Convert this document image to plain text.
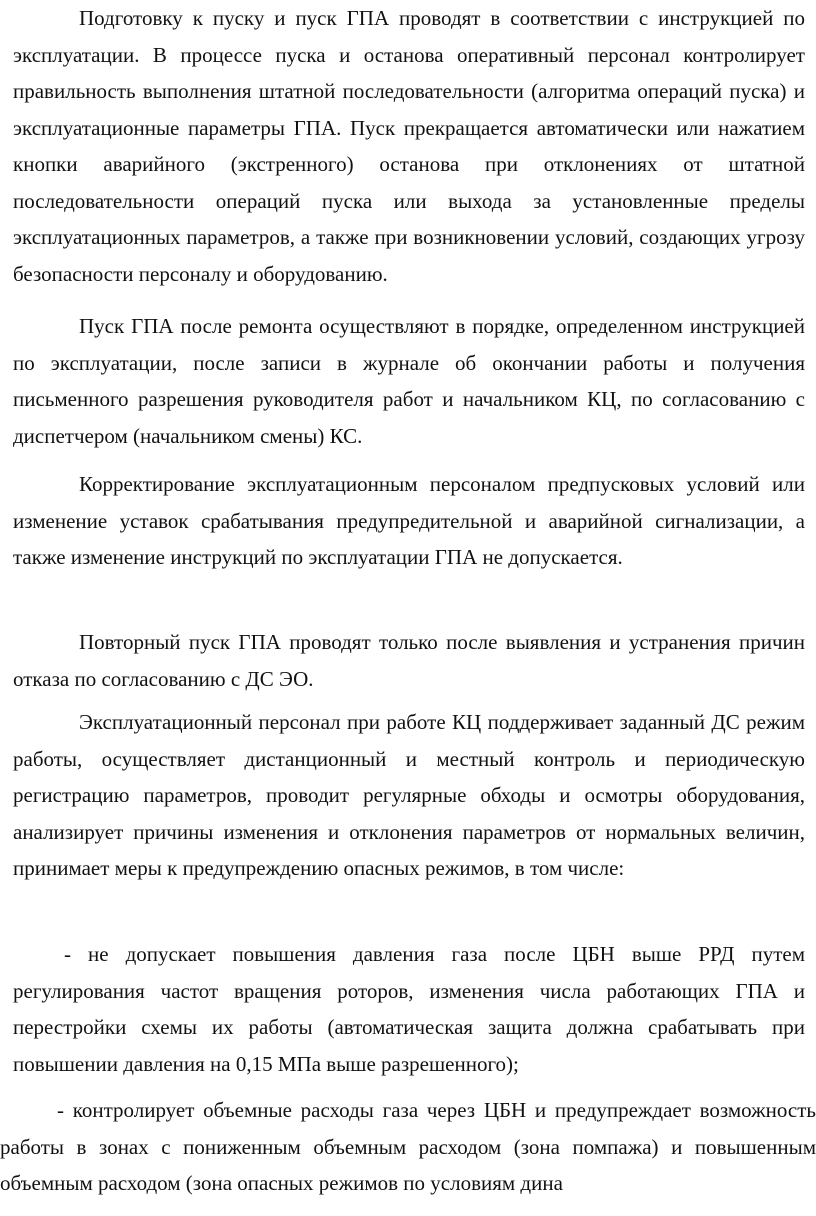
Подготовку к пуску и пуск ГПА проводят в соответствии с инструкцией по эксплуатации. В процессе пуска и останова оперативный персонал контролирует правильность выполнения штатной последовательности (алгоритма операций пуска) и эксплуатационные параметры ГПА. Пуск прекращается автоматически или нажатием кнопки аварийного (экстренного) останова при отклонениях от штатной последовательности операций пуска или выхода за установленные пределы эксплуатационных параметров, а также при возникновении условий, создающих угрозу безопасности персоналу и оборудованию.

Пуск ГПА после ремонта осуществляют в порядке, определенном инструкцией по эксплуатации, после записи в журнале об окончании работы и получения письменного разрешения руководителя работ и начальником КЦ, по согласованию с диспетчером (начальником смены) КС.

Корректирование эксплуатационным персоналом предпусковых условий или изменение уставок срабатывания предупредительной и аварийной сигнализации, а также изменение инструкций по эксплуатации ГПА не допускается.

Повторный пуск ГПА проводят только после выявления и устранения причин отказа по согласованию с ДС ЭО.

Эксплуатационный персонал при работе КЦ поддерживает заданный ДС режим работы, осуществляет дистанционный и местный контроль и периодическую регистрацию параметров, проводит регулярные обходы и осмотры оборудования, анализирует причины изменения и отклонения параметров от нормальных величин, принимает меры к предупреждению опасных режимов, в том числе:

- не допускает повышения давления газа после ЦБН выше РРД путем регулирования частот вращения роторов, изменения числа работающих ГПА и перестройки схемы их работы (автоматическая защита должна срабатывать при повышении давления на 0,15 МПа выше разрешенного);

- контролирует объемные расходы газа через ЦБН и предупреждает возможность работы в зонах с пониженным объемным расходом (зона помпажа) и повышенным объемным расходом (зона опасных режимов по условиям дина
